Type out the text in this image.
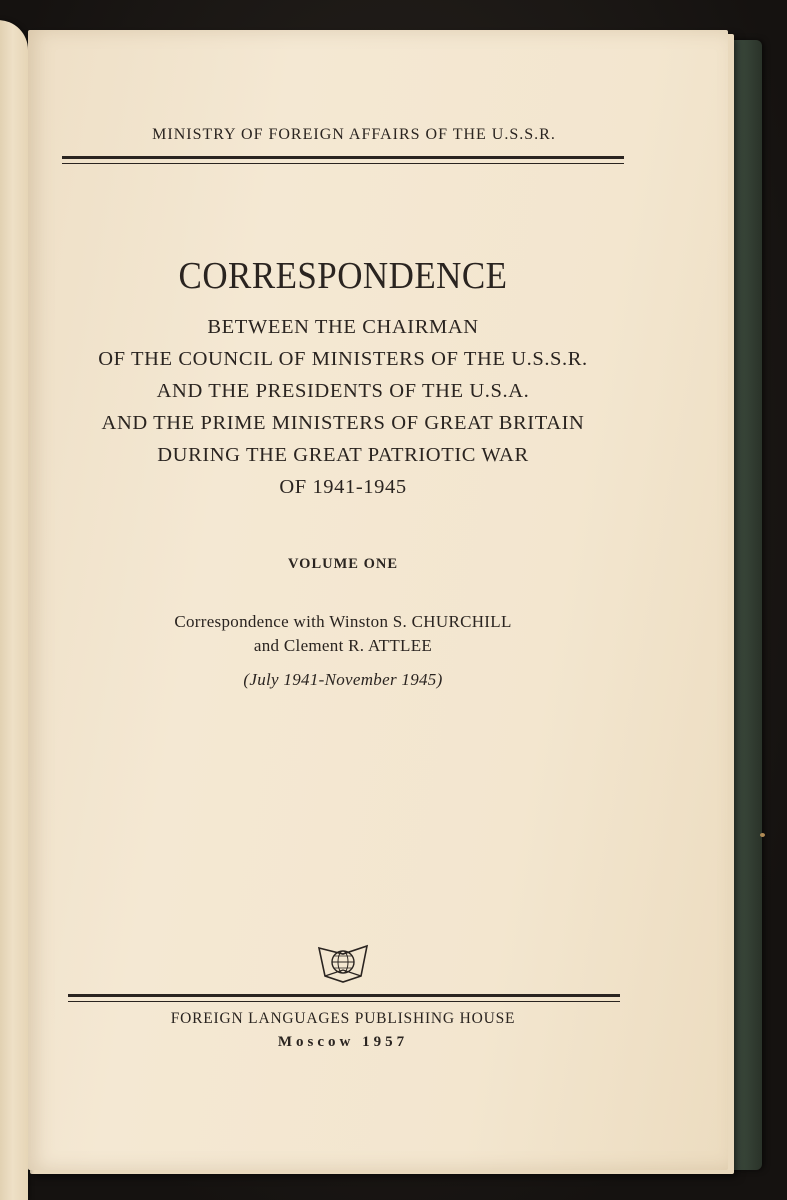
MINISTRY OF FOREIGN AFFAIRS OF THE U.S.S.R.
CORRESPONDENCE
BETWEEN THE CHAIRMAN
OF THE COUNCIL OF MINISTERS OF THE U.S.S.R.
AND THE PRESIDENTS OF THE U.S.A.
AND THE PRIME MINISTERS OF GREAT BRITAIN
DURING THE GREAT PATRIOTIC WAR
OF 1941-1945
VOLUME ONE
Correspondence with Winston S. CHURCHILL
and Clement R. ATTLEE
(July 1941-November 1945)
FOREIGN LANGUAGES PUBLISHING HOUSE
Moscow 1957
